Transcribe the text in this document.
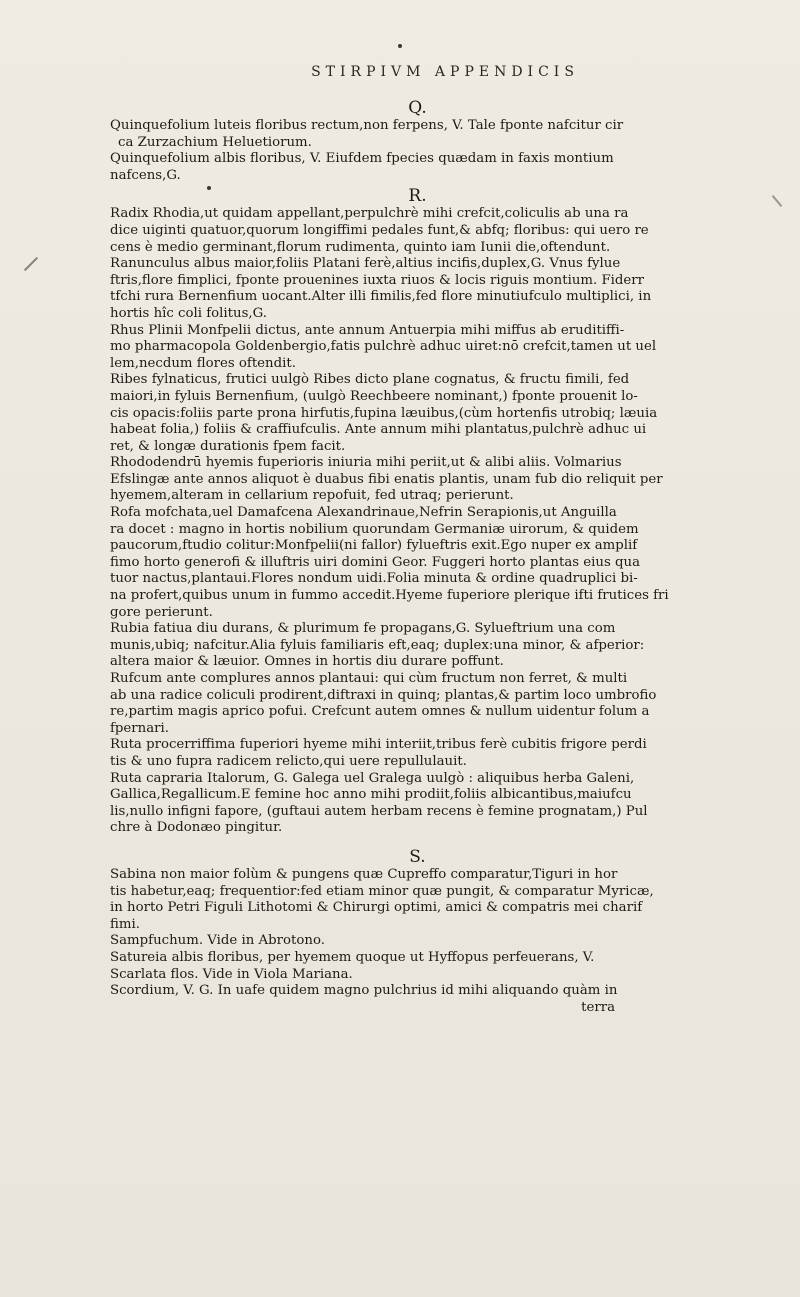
STIRPIVM APPENDICIS
Q.
Quinquefolium luteis floribus rectum,non ferpens, V. Tale fponte nafcitur cir
ca Zurzachium Heluetiorum.
Quinquefolium albis floribus, V. Eiufdem fpecies quædam in faxis montium
nafcens,G.
R.
Radix Rhodia,ut quidam appellant,perpulchrè mihi crefcit,coliculis ab una ra
dice uiginti quatuor,quorum longiffimi pedales funt,& abfq; floribus: qui uero re
cens è medio germinant,florum rudimenta, quinto iam Iunii die,oftendunt.
Ranunculus albus maior,foliis Platani ferè,altius incifis,duplex,G. Vnus fylue
ftris,flore fimplici, fponte prouenines iuxta riuos & locis riguis montium. Fiderr
tfchi rura Bernenfium uocant.Alter illi fimilis,fed flore minutiufculo multiplici, in
hortis hîc coli folitus,G.
Rhus Plinii Monfpelii dictus, ante annum Antuerpia mihi miffus ab eruditiffi-
mo pharmacopola Goldenbergio,fatis pulchrè adhuc uiret:nō crefcit,tamen ut uel
lem,necdum flores oftendit.
Ribes fylnaticus, frutici uulgò Ribes dicto plane cognatus, & fructu fimili, fed
maiori,in fyluis Bernenfium, (uulgò Reechbeere nominant,) fponte prouenit lo-
cis opacis:foliis parte prona hirfutis,fupina læuibus,(cùm hortenfis utrobiq; læuia
habeat folia,) foliis & craffiufculis. Ante annum mihi plantatus,pulchrè adhuc ui
ret, & longæ durationis fpem facit.
Rhododendrū hyemis fuperioris iniuria mihi periit,ut & alibi aliis. Volmarius
Efslingæ ante annos aliquot è duabus fibi enatis plantis, unam fub dio reliquit per
hyemem,alteram in cellarium repofuit, fed utraq; perierunt.
Rofa mofchata,uel Damafcena Alexandrinaue,Nefrin Serapionis,ut Anguilla
ra docet : magno in hortis nobilium quorundam Germaniæ uirorum, & quidem
paucorum,ftudio colitur:Monfpelii(ni fallor) fylueftris exit.Ego nuper ex amplif
fimo horto generofi & illuftris uiri domini Geor. Fuggeri horto plantas eius qua
tuor nactus,plantaui.Flores nondum uidi.Folia minuta & ordine quadruplici bi-
na profert,quibus unum in fummo accedit.Hyeme fuperiore plerique ifti frutices fri
gore perierunt.
Rubia fatiua diu durans, & plurimum fe propagans,G. Sylueftrium una com
munis,ubiq; nafcitur.Alia fyluis familiaris eft,eaq; duplex:una minor, & afperior:
altera maior & læuior. Omnes in hortis diu durare poffunt.
Rufcum ante complures annos plantaui: qui cùm fructum non ferret, & multi
ab una radice coliculi prodirent,diftraxi in quinq; plantas,& partim loco umbrofio
re,partim magis aprico pofui. Crefcunt autem omnes & nullum uidentur folum a
fpernari.
Ruta procerriffima fuperiori hyeme mihi interiit,tribus ferè cubitis frigore perdi
tis & uno fupra radicem relicto,qui uere repullulauit.
Ruta capraria Italorum, G. Galega uel Gralega uulgò : aliquibus herba Galeni,
Gallica,Regallicum.E femine hoc anno mihi prodiit,foliis albicantibus,maiufcu
lis,nullo infigni fapore, (guftaui autem herbam recens è femine prognatam,) Pul
chre à Dodonæo pingitur.
S.
Sabina non maior folùm & pungens quæ Cupreffo comparatur,Tiguri in hor
tis habetur,eaq; frequentior:fed etiam minor quæ pungit, & comparatur Myricæ,
in horto Petri Figuli Lithotomi & Chirurgi optimi, amici & compatris mei charif
fimi.
Sampfuchum. Vide in Abrotono.
Satureia albis floribus, per hyemem quoque ut Hyffopus perfeuerans, V.
Scarlata flos. Vide in Viola Mariana.
Scordium, V. G. In uafe quidem magno pulchrius id mihi aliquando quàm in
terra
